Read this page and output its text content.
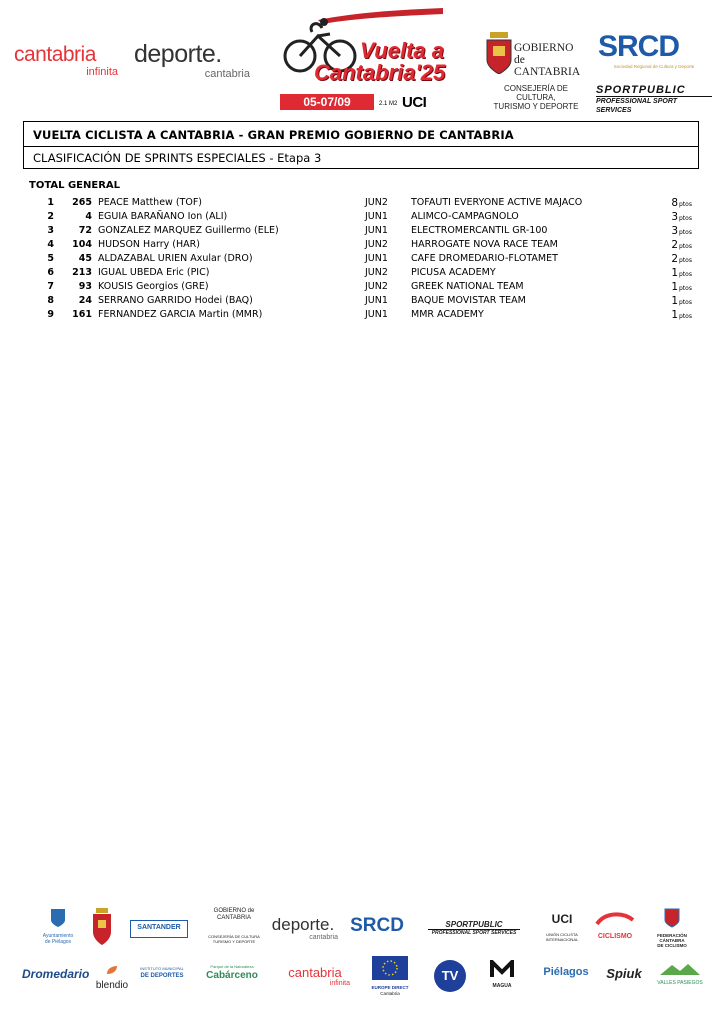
cantabria
infinita
deporte.
cantabria
Vuelta a
Cantabria'25
05-07/09	2.1 M2 UCI
GOBIERNO
de
CANTABRIA
CONSEJERÍA DE CULTURA,
TURISMO Y DEPORTE
SRCD
Sociedad Regional de Cultura y Deporte
SPORTPUBLIC
PROFESSIONAL SPORT SERVICES
VUELTA CICLISTA A CANTABRIA - GRAN PREMIO GOBIERNO DE CANTABRIA
CLASIFICACIÓN DE SPRINTS ESPECIALES - Etapa 3
TOTAL GENERAL
1	265 PEACE Matthew (TOF)	JUN2 TOFAUTI EVERYONE ACTIVE MAJACO	8 ptos
2	4 EGUIA BARAÑANO Ion (ALI)	JUN1 ALIMCO-CAMPAGNOLO	3 ptos
3	72 GONZALEZ MARQUEZ Guillermo (ELE)	JUN1 ELECTROMERCANTIL GR-100	3 ptos
4	104 HUDSON Harry (HAR)	JUN2 HARROGATE NOVA RACE TEAM	2 ptos
5	45 ALDAZABAL URIEN Axular (DRO)	JUN1 CAFE DROMEDARIO-FLOTAMET	2 ptos
6	213 IGUAL UBEDA Eric (PIC)	JUN2 PICUSA ACADEMY	1 ptos
7	93 KOUSIS Georgios (GRE)	JUN2 GREEK NATIONAL TEAM	1 ptos
8	24 SERRANO GARRIDO Hodei (BAQ)	JUN1 BAQUE MOVISTAR TEAM	1 ptos
9	161 FERNANDEZ GARCIA Martin (MMR)	JUN1 MMR ACADEMY	1 ptos
Ayuntamiento
de Piélagos
SANTANDER
GOBIERNO de CANTABRIA
CONSEJERÍA DE CULTURA TURISMO Y DEPORTE
deporte.
cantabria
SRCD	SPORTPUBLIC
PROFESSIONAL SPORT SERVICES
UCI
UNIÓN CICLISTA INTERNACIONAL	CICLISMO	FEDERACIÓN CÁNTABRA
DE CICLISMO
Dromedario
blendio
INSTITUTO MUNICIPAL
DE DEPORTES
Parque de la Naturaleza
Cabárceno	cantabria
infinita
EUROPE DIRECT
Cantabria
TV
MAGUA
Piélagos	Spiuk
VALLES PASIEGOS
